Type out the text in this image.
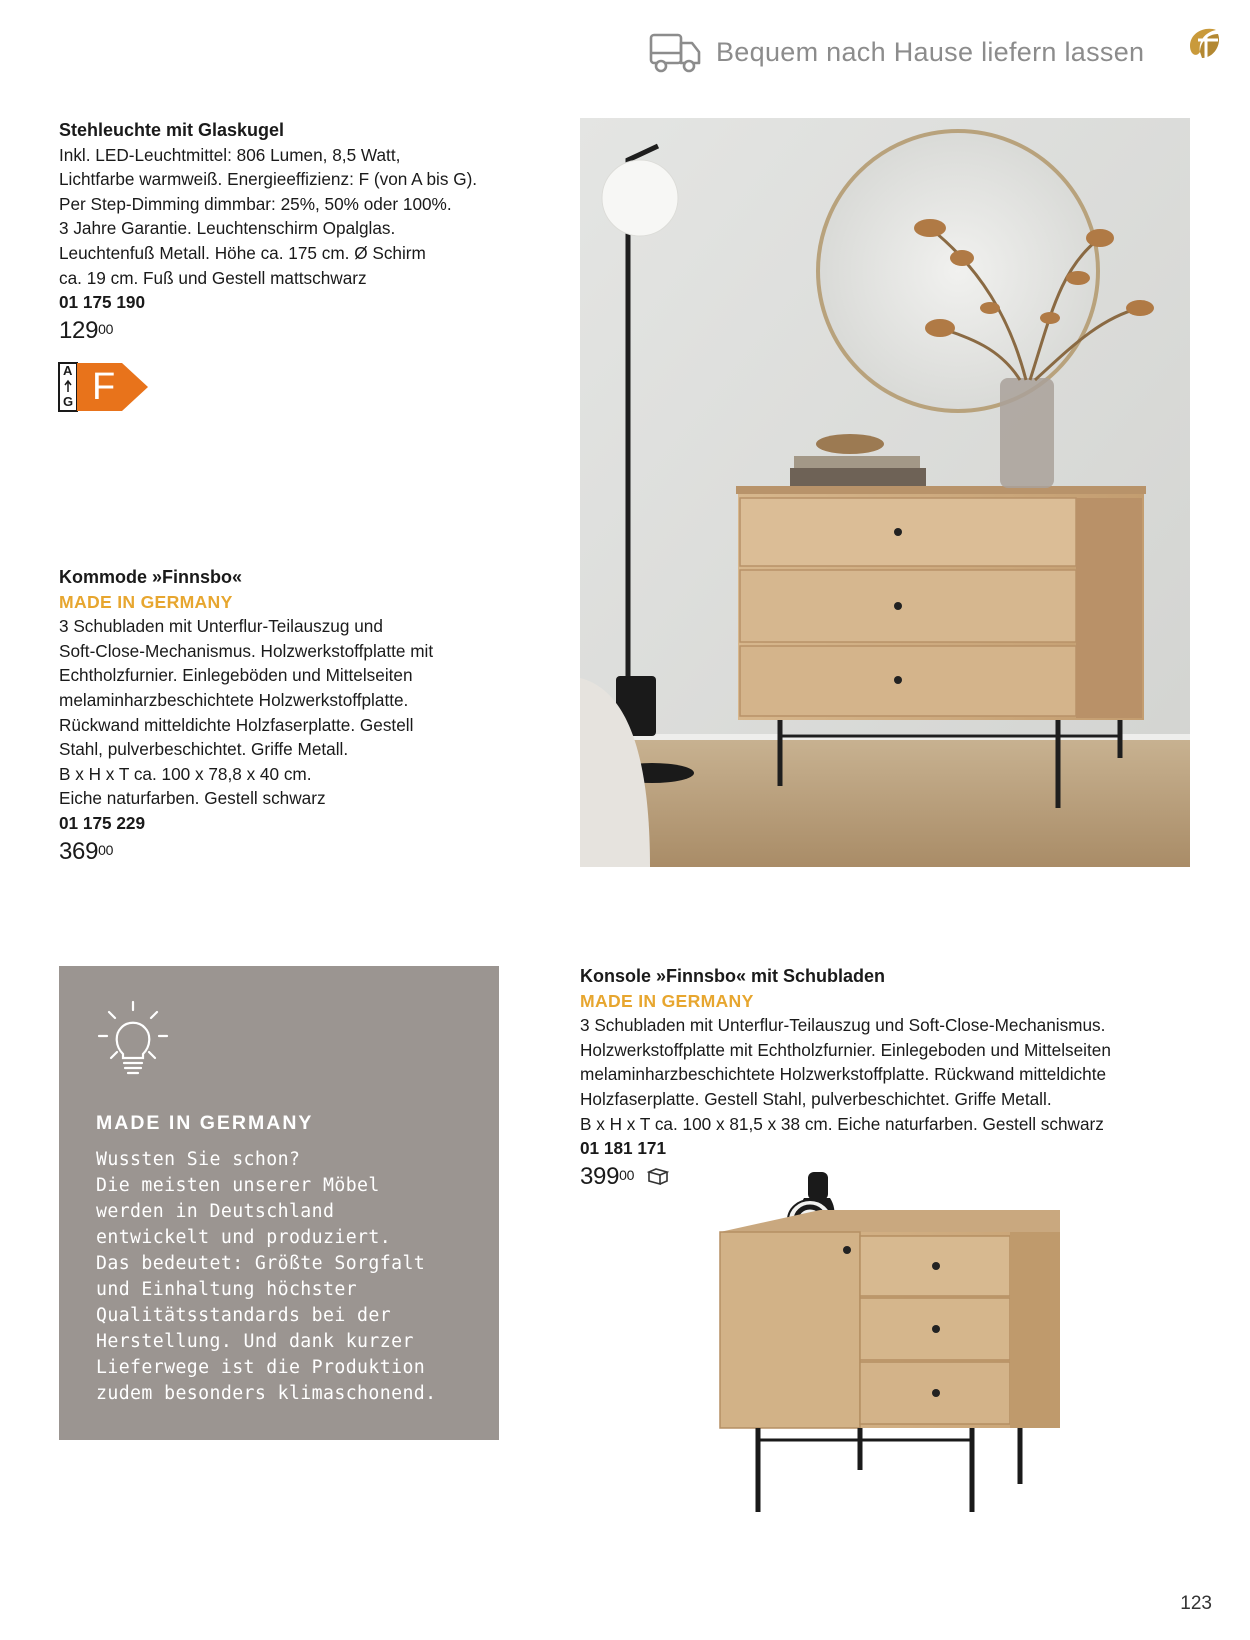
Bequem nach Hause liefern lassen
Stehleuchte mit Glaskugel
Inkl. LED-Leuchtmittel: 806 Lumen, 8,5 Watt,
Lichtfarbe warmweiß. Energieeffizienz: F (von A bis G).
Per Step-Dimming dimmbar: 25%, 50% oder 100%.
3 Jahre Garantie. Leuchtenschirm Opalglas.
Leuchtenfuß Metall. Höhe ca. 175 cm. Ø Schirm
ca. 19 cm. Fuß und Gestell mattschwarz
01 175 190
$129^{00}$
A
G F
Kommode »Finnsbo«
MADE IN GERMANY
3 Schubladen mit Unterflur-Teilauszug und
Soft-Close-Mechanismus. Holzwerkstoffplatte mit
Echtholzfurnier. Einlegeböden und Mittelseiten
melaminharzbeschichtete Holzwerkstoffplatte.
Rückwand mitteldichte Holzfaserplatte. Gestell
Stahl, pulverbeschichtet. Griffe Metall.
B x H x T ca. 100 x 78,8 x 40 cm.
Eiche naturfarben. Gestell schwarz
01 175 229
$369^{00}$
MADE IN GERMANY
Wussten Sie schon?
Die meisten unserer Möbel
werden in Deutschland
entwickelt und produziert.
Das bedeutet: Größte Sorgfalt
und Einhaltung höchster
Qualitätsstandards bei der
Herstellung. Und dank kurzer
Lieferwege ist die Produktion
zudem besonders klimaschonend.
Konsole »Finnsbo« mit Schubladen
MADE IN GERMANY
3 Schubladen mit Unterflur-Teilauszug und Soft-Close-Mechanismus.
Holzwerkstoffplatte mit Echtholzfurnier. Einlegeboden und Mittelseiten
melaminharzbeschichtete Holzwerkstoffplatte. Rückwand mitteldichte
Holzfaserplatte. Gestell Stahl, pulverbeschichtet. Griffe Metall.
B x H x T ca. 100 x 81,5 x 38 cm. Eiche naturfarben. Gestell schwarz
01 181 171
$399^{00}$
123
